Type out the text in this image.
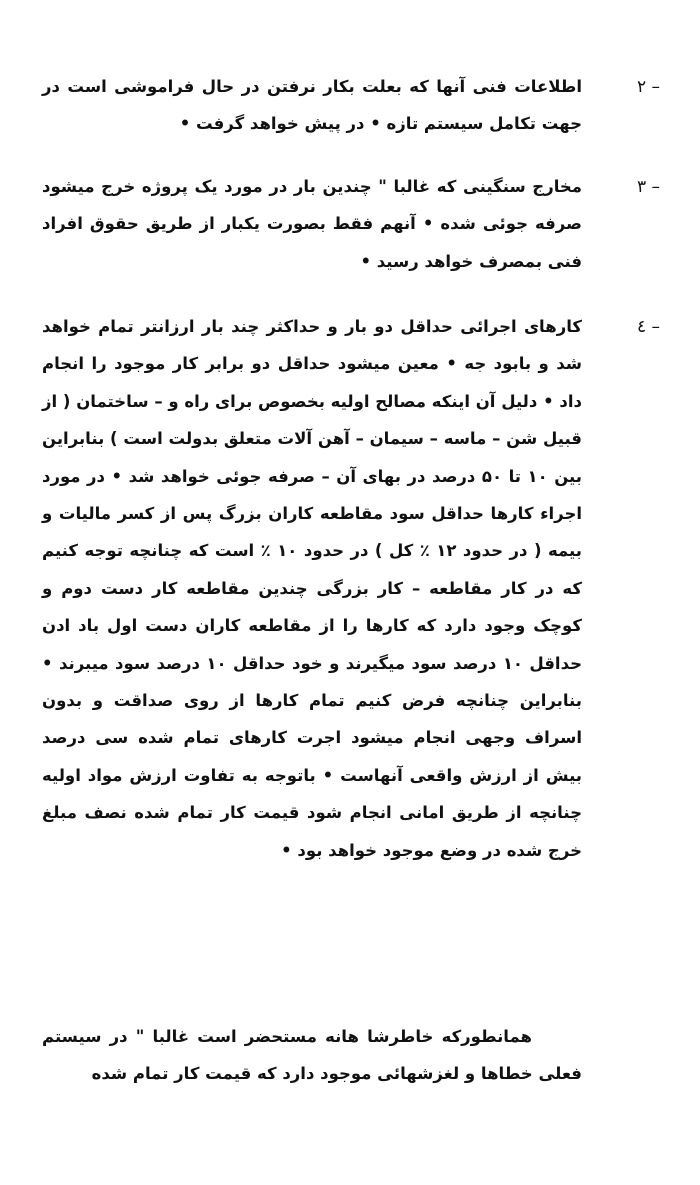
۲ –

اطلاعات فنی آنها که بعلت بکار نرفتن در حال فراموشی است در جهت تکامل سیستم تازه • در پیش خواهد گرفت •

۳ –

مخارج سنگینی که غالبا " چندین بار در مورد یک پروژه خرج میشود صرفه جوئی شده • آنهم فقط بصورت یکبار از طریق حقوق افراد فنی بمصرف خواهد رسید •

٤ –

کارهای اجرائی حداقل دو بار و حداکثر چند بار ارزانتر تمام خواهد شد و بابود جه • معین میشود حداقل دو برابر کار موجود را انجام داد • دلیل آن اینکه مصالح اولیه بخصوص برای راه و – ساختمان ( از قبیل شن – ماسه – سیمان – آهن آلات متعلق بدولت است ) بنابراین بین ۱۰ تا ۵۰ درصد در بهای آن – صرفه جوئی خواهد شد • در مورد اجراء کارها حداقل سود مقاطعه کاران بزرگ پس از کسر مالیات و بیمه ( در حدود ۱۲ ٪ کل ) در حدود ۱۰ ٪ است که چنانچه توجه کنیم که در کار مقاطعه – کار بزرگی چندین مقاطعه کار دست دوم و کوچک وجود دارد که کارها را از مقاطعه کاران دست اول باد ادن حداقل ۱۰ درصد سود میگیرند و خود حداقل ۱۰ درصد سود میبرند • بنابراین چنانچه فرض کنیم تمام کارها از روی صداقت و بدون اسراف وجهی انجام میشود اجرت کارهای تمام شده سی درصد بیش از ارزش واقعی آنهاست • باتوجه به تفاوت ارزش مواد اولیه چنانچه از طریق امانی انجام شود قیمت کار تمام شده نصف مبلغ خرج شده در وضع موجود خواهد بود •

همانطورکه خاطرشا هانه مستحضر است غالبا " در سیستم فعلی خطاها و لغزشهائی موجود دارد که قیمت کار تمام شده
